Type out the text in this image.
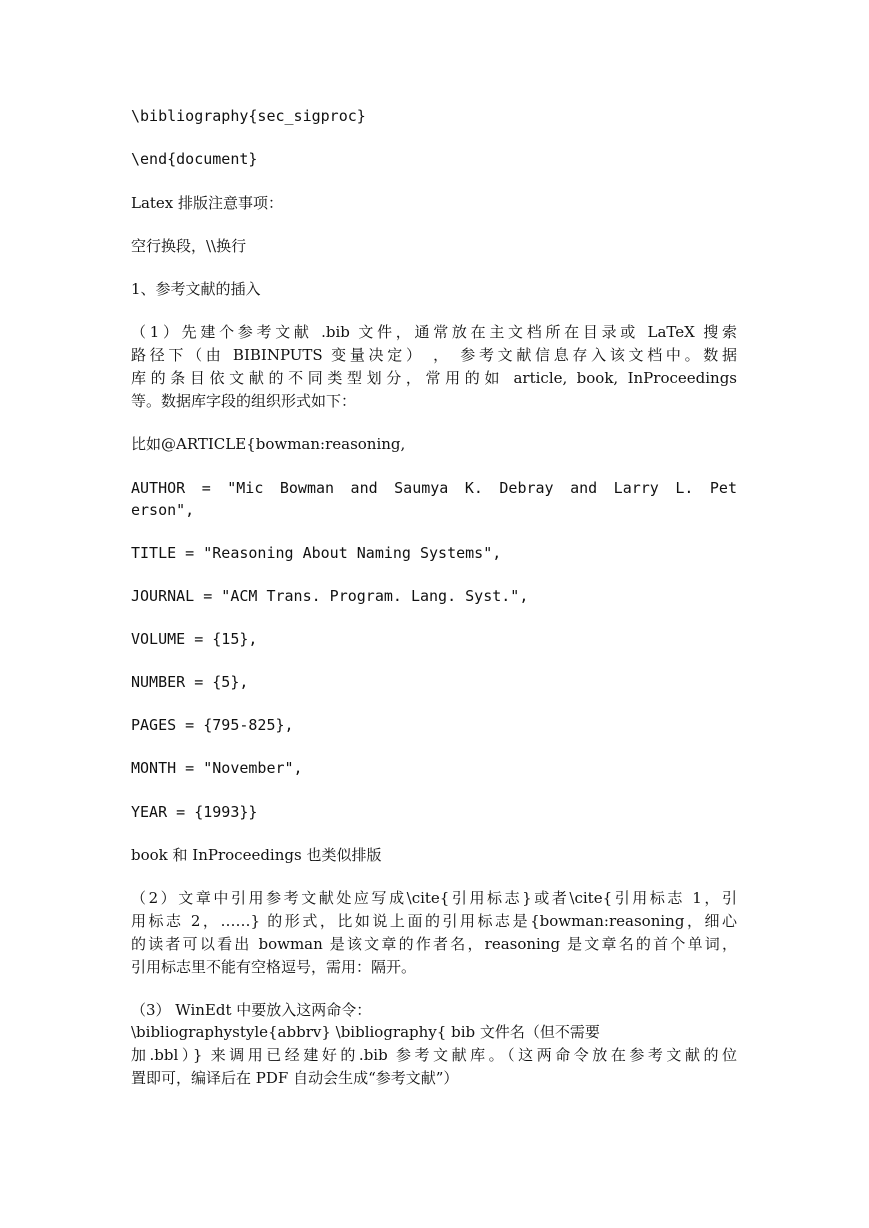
\bibliography{sec_sigproc}

\end{document}

Latex 排版注意事项：

空行换段，\\换行

1、参考文献的插入

（1）先建个参考文献 .bib 文件，通常放在主文档所在目录或 LaTeX 搜索

路径下（由 BIBINPUTS 变量决定） ， 参考文献信息存入该文档中。数据

库的条目依文献的不同类型划分，常用的如 article, book, InProceedings

等。数据库字段的组织形式如下：

比如@ARTICLE{bowman:reasoning,

AUTHOR = "Mic Bowman and Saumya K. Debray and Larry L. Pet

erson",

TITLE = "Reasoning About Naming Systems",

JOURNAL = "ACM Trans. Program. Lang. Syst.",

VOLUME = {15},

NUMBER = {5},

PAGES = {795-825},

MONTH = "November",

YEAR = {1993}}

book 和 InProceedings 也类似排版

（2）文章中引用参考文献处应写成\cite{引用标志}或者\cite{引用标志 1，引

用标志 2，……} 的形式，比如说上面的引用标志是{bowman:reasoning，细心

的读者可以看出 bowman 是该文章的作者名，reasoning 是文章名的首个单词，

引用标志里不能有空格逗号，需用：隔开。

（3） WinEdt 中要放入这两命令：

\bibliographystyle{abbrv} \bibliography{ bib 文件名（但不需要

加.bbl）} 来调用已经建好的.bib 参考文献库。（这两命令放在参考文献的位

置即可，编译后在 PDF 自动会生成“参考文献”）
